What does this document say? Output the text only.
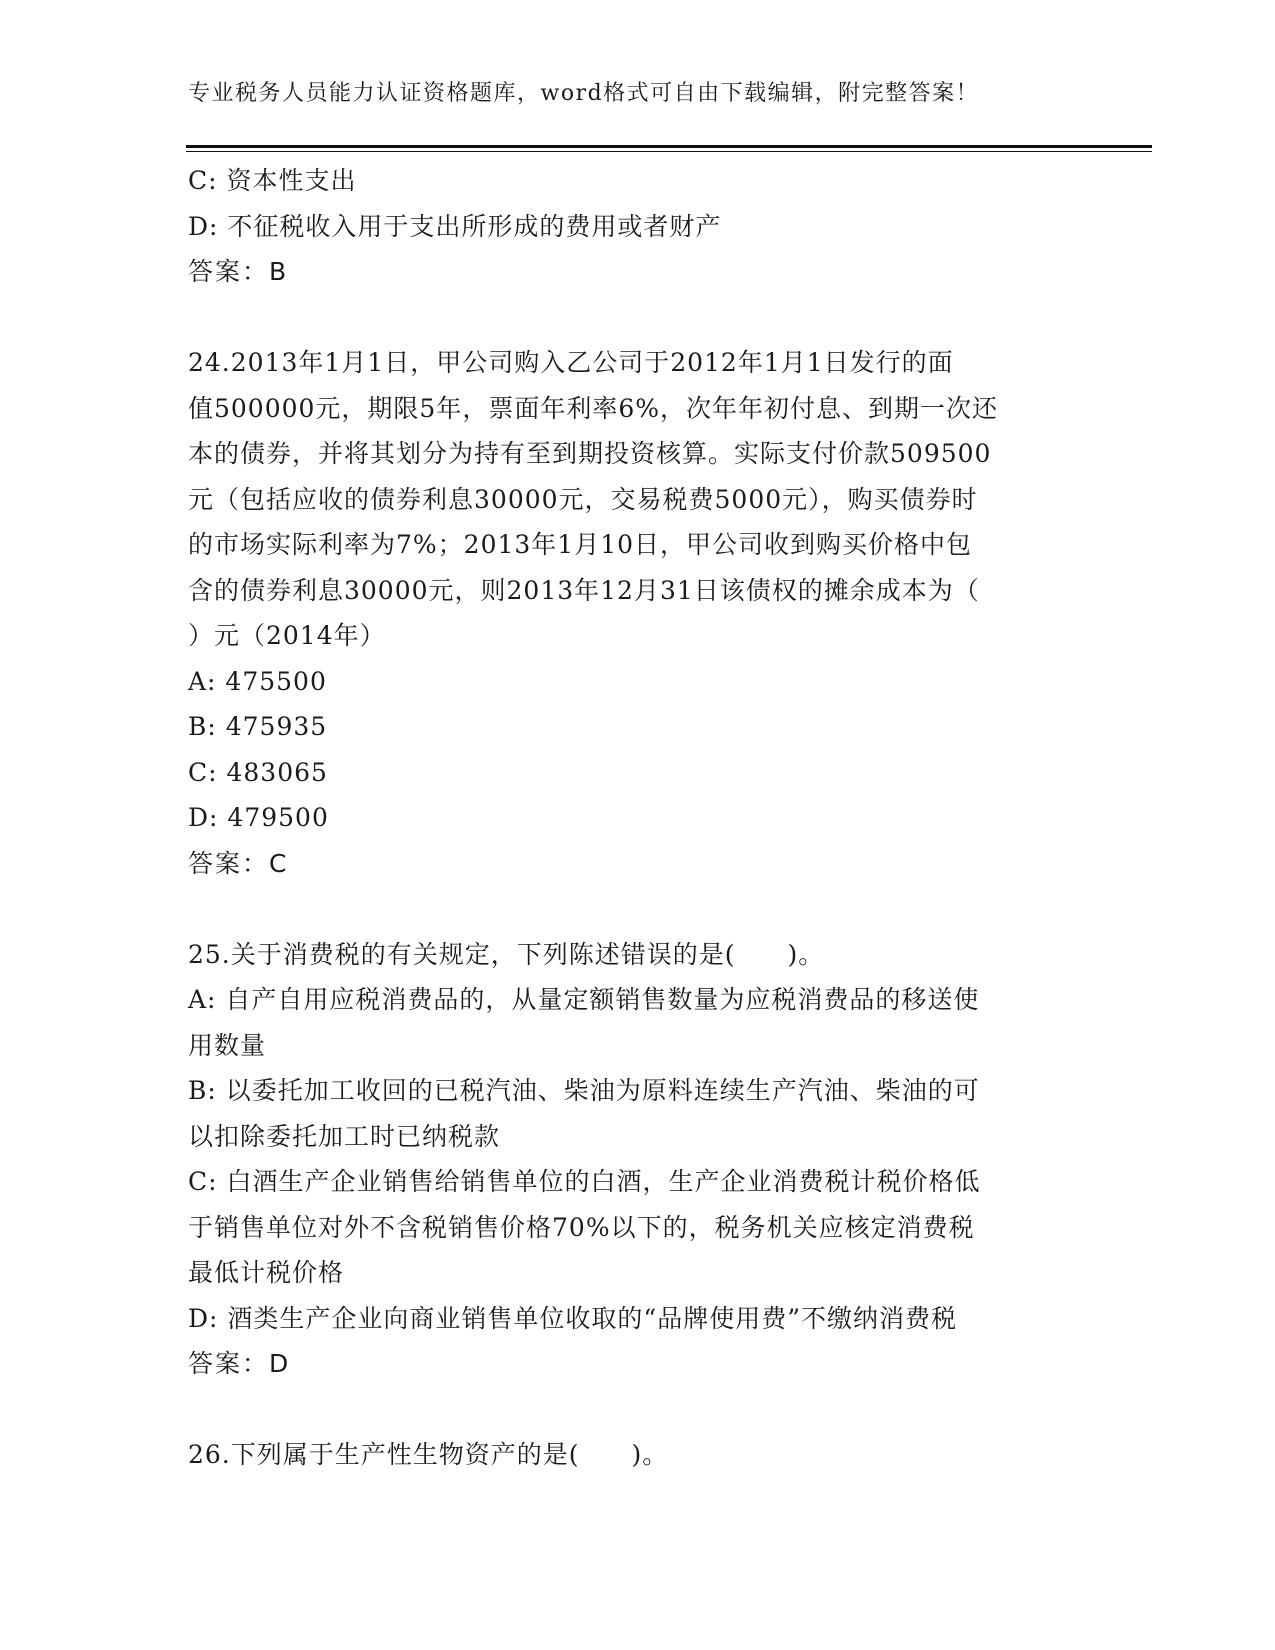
专业税务人员能力认证资格题库，word格式可自由下载编辑，附完整答案！
C: 资本性支出
D: 不征税收入用于支出所形成的费用或者财产
答案：B
24.2013年1月1日，甲公司购入乙公司于2012年1月1日发行的面
值500000元，期限5年，票面年利率6%，次年年初付息、到期一次还
本的债券，并将其划分为持有至到期投资核算。实际支付价款509500
元（包括应收的债券利息30000元，交易税费5000元），购买债券时
的市场实际利率为7%；2013年1月10日，甲公司收到购买价格中包
含的债券利息30000元，则2013年12月31日该债权的摊余成本为（
）元（2014年）
A: 475500
B: 475935
C: 483065
D: 479500
答案：C
25.关于消费税的有关规定，下列陈述错误的是(　　)。
A: 自产自用应税消费品的，从量定额销售数量为应税消费品的移送使
用数量
B: 以委托加工收回的已税汽油、柴油为原料连续生产汽油、柴油的可
以扣除委托加工时已纳税款
C: 白酒生产企业销售给销售单位的白酒，生产企业消费税计税价格低
于销售单位对外不含税销售价格70%以下的，税务机关应核定消费税
最低计税价格
D: 酒类生产企业向商业销售单位收取的“品牌使用费”不缴纳消费税
答案：D
26.下列属于生产性生物资产的是(　　)。
